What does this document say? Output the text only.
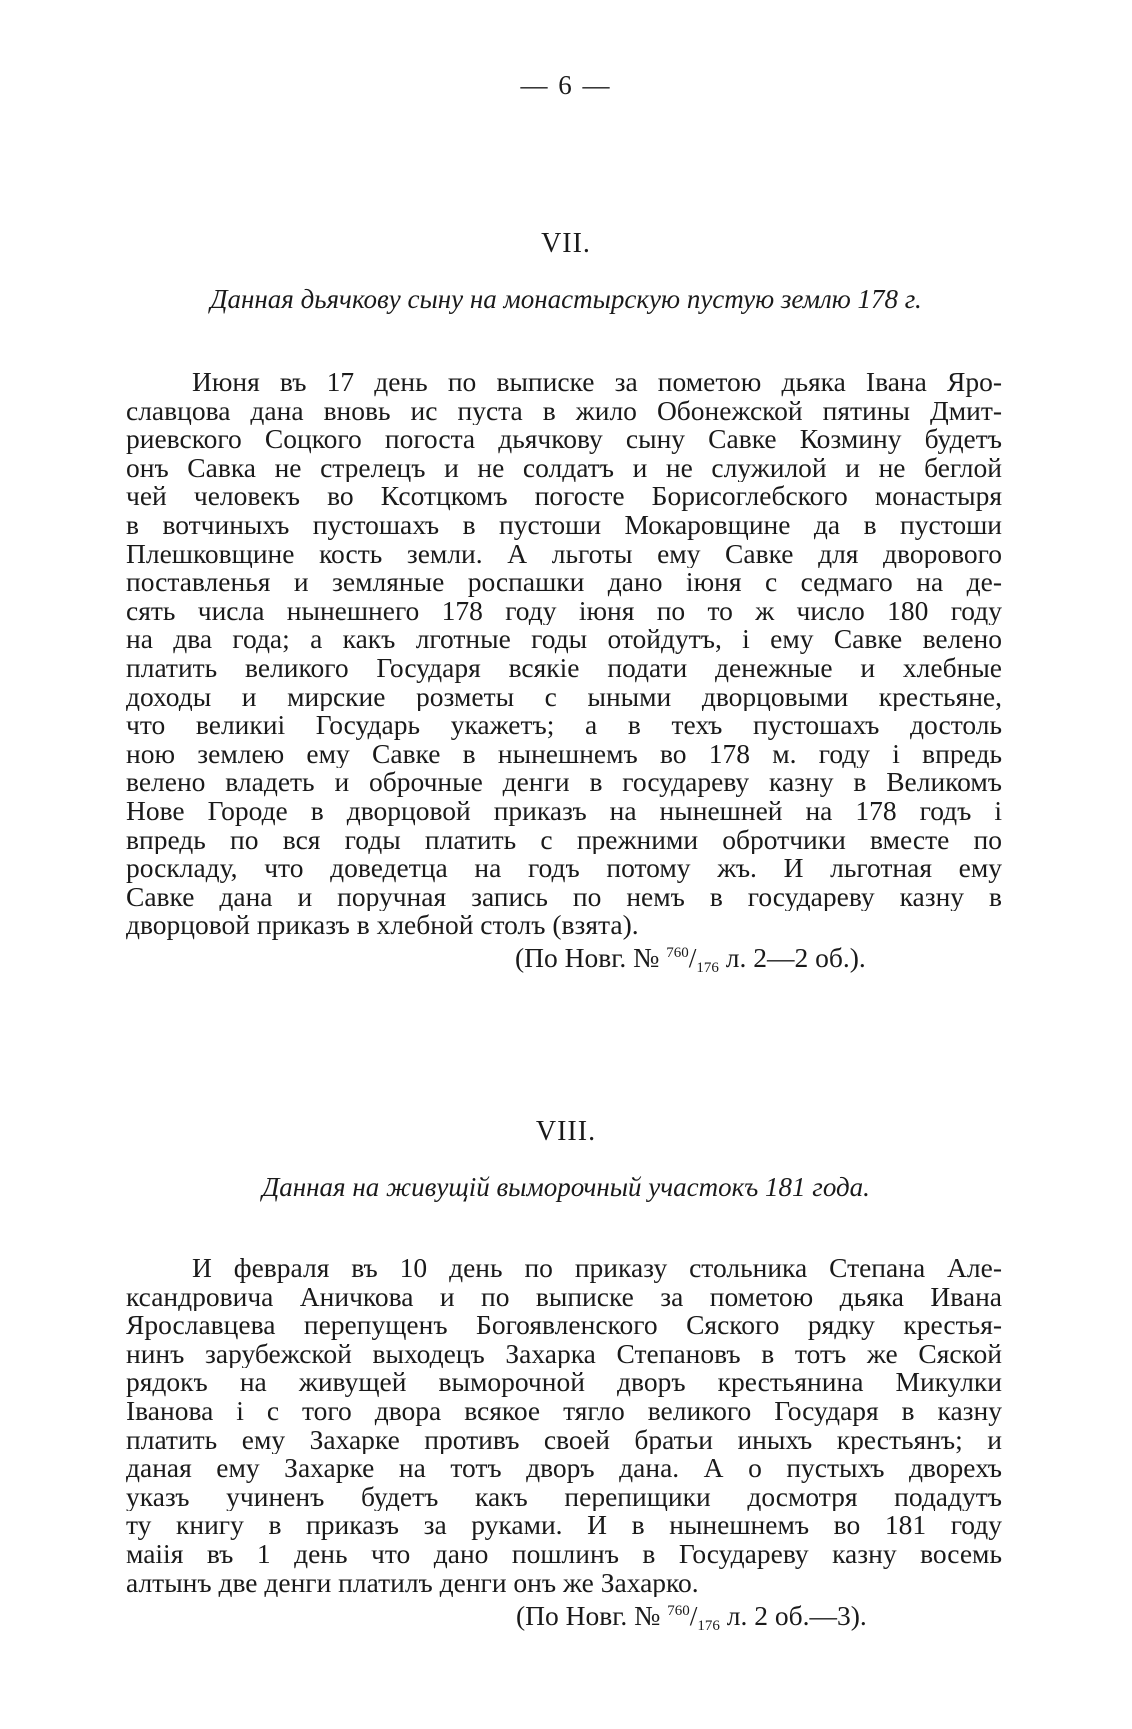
— 6 —
VII.
Данная дьячкову сыну на монастырскую пустую землю 178 г.
Июня въ 17 день по выписке за пометою дьяка Івана Яро-
славцова дана вновь ис пуста в жило Обонежской пятины Дмит-
риевского Соцкого погоста дьячкову сыну Савке Козмину будетъ
онъ Савка не стрелецъ и не солдатъ и не служилой и не беглой
чей человекъ во Ксотцкомъ погосте Борисоглебского монастыря
в вотчиныхъ пустошахъ в пустоши Мокаровщине да в пустоши
Плешковщине кость земли. А льготы ему Савке для дворового
поставленья и земляные роспашки дано іюня с седмаго на де-
сять числа нынешнего 178 году іюня по то ж число 180 году
на два года; а какъ лготные годы отойдутъ, і ему Савке велено
платить великого Государя всякіе подати денежные и хлебные
доходы и мирские розметы с ыными дворцовыми крестьяне,
что великиі Государь укажетъ; а в техъ пустошахъ достоль
ною землею ему Савке в нынешнемъ во 178 м. году і впредь
велено владеть и оброчные денги в государеву казну в Великомъ
Нове Городе в дворцовой приказъ на нынешней на 178 годъ і
впредь по вся годы платить с прежними обротчики вместе по
роскладу, что доведетца на годъ потому жъ. И льготная ему
Савке дана и поручная запись по немъ в государеву казну в
дворцовой приказъ в хлебной столъ (взята).
(По Новг. № $^{760}$/176 л. 2—2 об.).
VIII.
Данная на живущій выморочный участокъ 181 года.
И февраля въ 10 день по приказу стольника Степана Але-
ксандровича Аничкова и по выписке за пометою дьяка Ивана
Ярославцева перепущенъ Богоявленского Сяского рядку крестья-
нинъ зарубежской выходецъ Захарка Степановъ в тотъ же Сяской
рядокъ на живущей выморочной дворъ крестьянина Микулки
Іванова і с того двора всякое тягло великого Государя в казну
платить ему Захарке противъ своей братьи иныхъ крестьянъ; и
даная ему Захарке на тотъ дворъ дана. А о пустыхъ дворехъ
указъ учиненъ будетъ какъ перепищики досмотря подадутъ
ту книгу в приказъ за руками. И в нынешнемъ во 181 году
маіія въ 1 день что дано пошлинъ в Государеву казну восемь
алтынъ две денги платилъ денги онъ же Захарко.
(По Новг. № $^{760}$/176 л. 2 об.—3).
